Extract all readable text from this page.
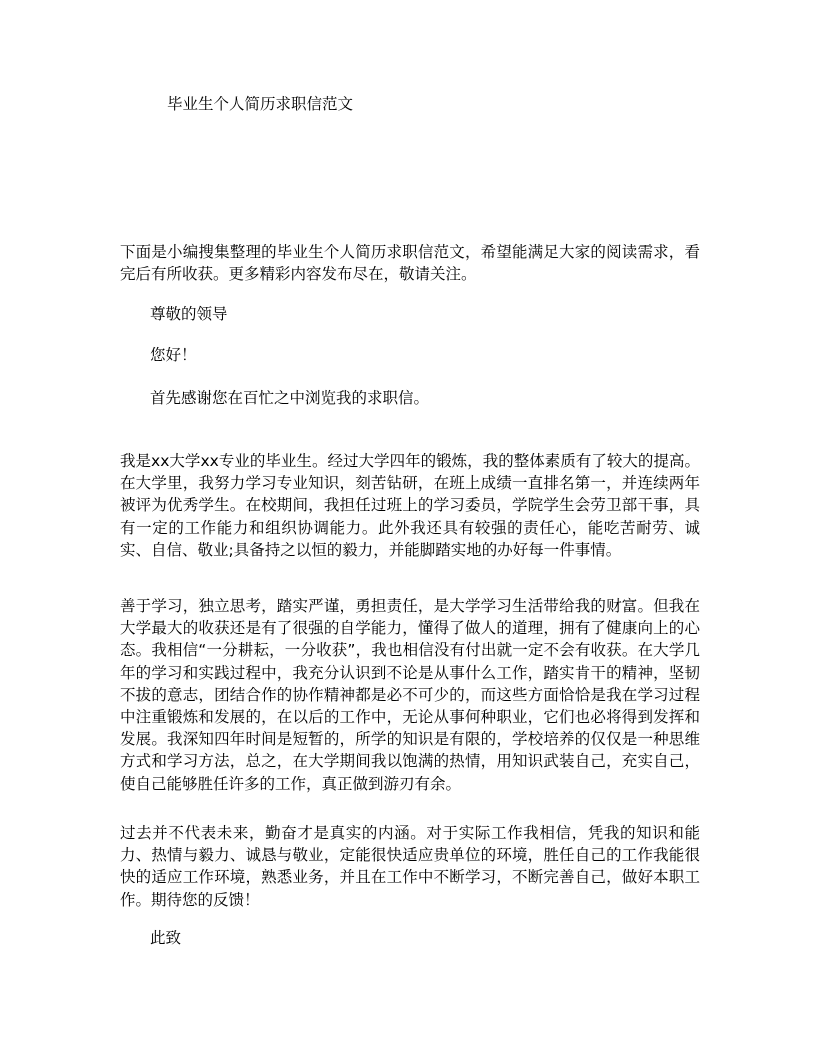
毕业生个人简历求职信范文
下面是小编搜集整理的毕业生个人简历求职信范文，希望能满足大家的阅读需求，看完后有所收获。更多精彩内容发布尽在，敬请关注。
尊敬的领导
您好！
首先感谢您在百忙之中浏览我的求职信。
我是xx大学xx专业的毕业生。经过大学四年的锻炼，我的整体素质有了较大的提高。在大学里，我努力学习专业知识，刻苦钻研，在班上成绩一直排名第一，并连续两年被评为优秀学生。在校期间，我担任过班上的学习委员，学院学生会劳卫部干事，具有一定的工作能力和组织协调能力。此外我还具有较强的责任心，能吃苦耐劳、诚实、自信、敬业;具备持之以恒的毅力，并能脚踏实地的办好每一件事情。
善于学习，独立思考，踏实严谨，勇担责任，是大学学习生活带给我的财富。但我在大学最大的收获还是有了很强的自学能力，懂得了做人的道理，拥有了健康向上的心态。我相信“一分耕耘，一分收获”，我也相信没有付出就一定不会有收获。在大学几年的学习和实践过程中，我充分认识到不论是从事什么工作，踏实肯干的精神，坚韧不拔的意志，团结合作的协作精神都是必不可少的，而这些方面恰恰是我在学习过程中注重锻炼和发展的，在以后的工作中，无论从事何种职业，它们也必将得到发挥和发展。我深知四年时间是短暂的，所学的知识是有限的，学校培养的仅仅是一种思维方式和学习方法，总之，在大学期间我以饱满的热情，用知识武装自己，充实自己，使自己能够胜任许多的工作，真正做到游刃有余。
过去并不代表未来，勤奋才是真实的内涵。对于实际工作我相信，凭我的知识和能力、热情与毅力、诚恳与敬业，定能很快适应贵单位的环境，胜任自己的工作我能很快的适应工作环境，熟悉业务，并且在工作中不断学习，不断完善自己，做好本职工作。期待您的反馈！
此致
